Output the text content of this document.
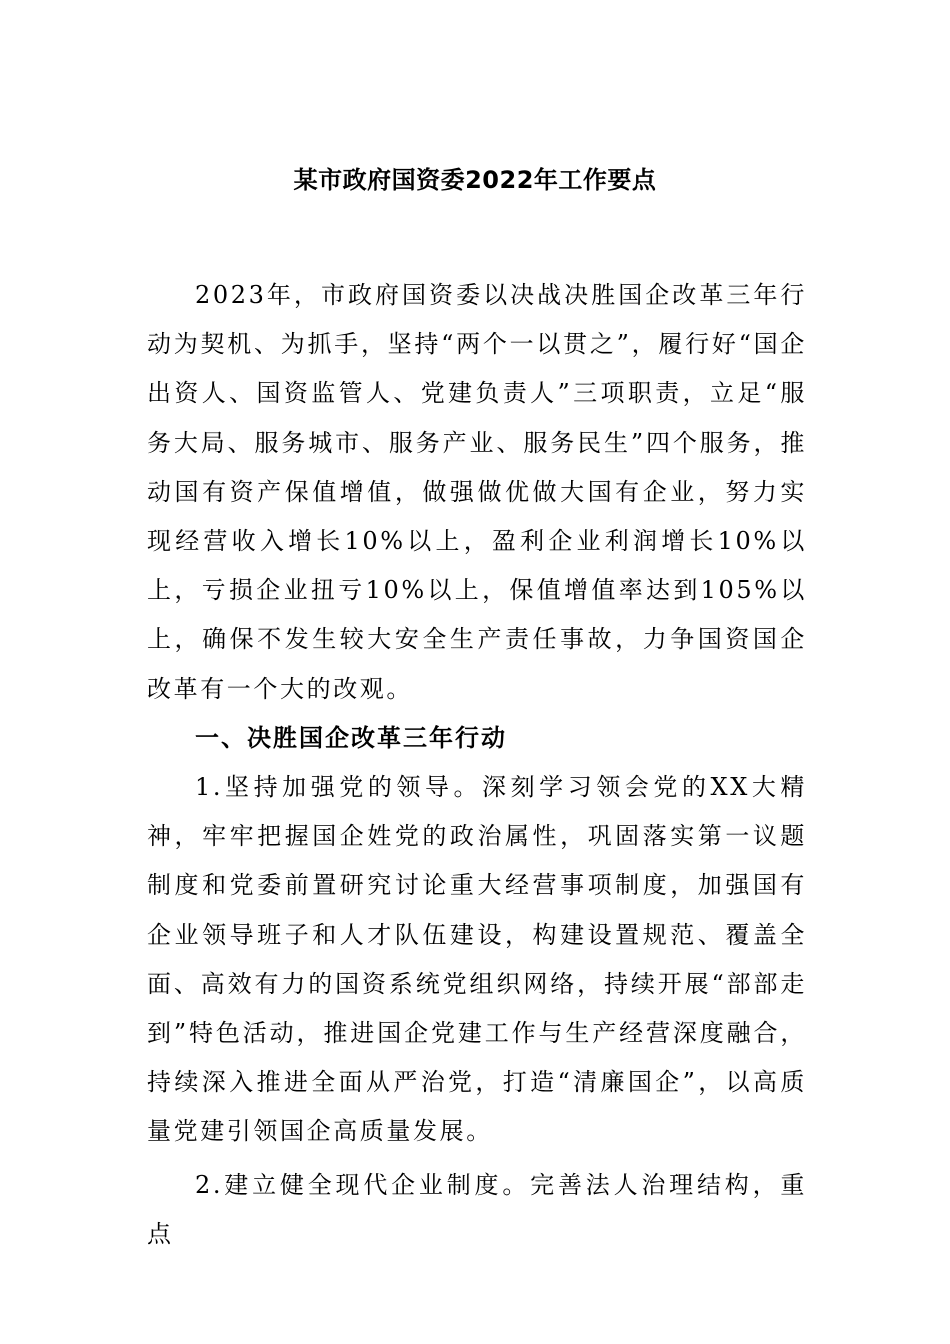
某市政府国资委2022年工作要点

2023年，市政府国资委以决战决胜国企改革三年行动为契机、为抓手，坚持“两个一以贯之”，履行好“国企出资人、国资监管人、党建负责人”三项职责，立足“服务大局、服务城市、服务产业、服务民生”四个服务，推动国有资产保值增值，做强做优做大国有企业，努力实现经营收入增长10%以上，盈利企业利润增长10%以上，亏损企业扭亏10%以上，保值增值率达到105%以上，确保不发生较大安全生产责任事故，力争国资国企改革有一个大的改观。

一、决胜国企改革三年行动

1.坚持加强党的领导。深刻学习领会党的XX大精神，牢牢把握国企姓党的政治属性，巩固落实第一议题制度和党委前置研究讨论重大经营事项制度，加强国有企业领导班子和人才队伍建设，构建设置规范、覆盖全面、高效有力的国资系统党组织网络，持续开展“部部走到”特色活动，推进国企党建工作与生产经营深度融合，持续深入推进全面从严治党，打造“清廉国企”，以高质量党建引领国企高质量发展。

2.建立健全现代企业制度。完善法人治理结构，重点
